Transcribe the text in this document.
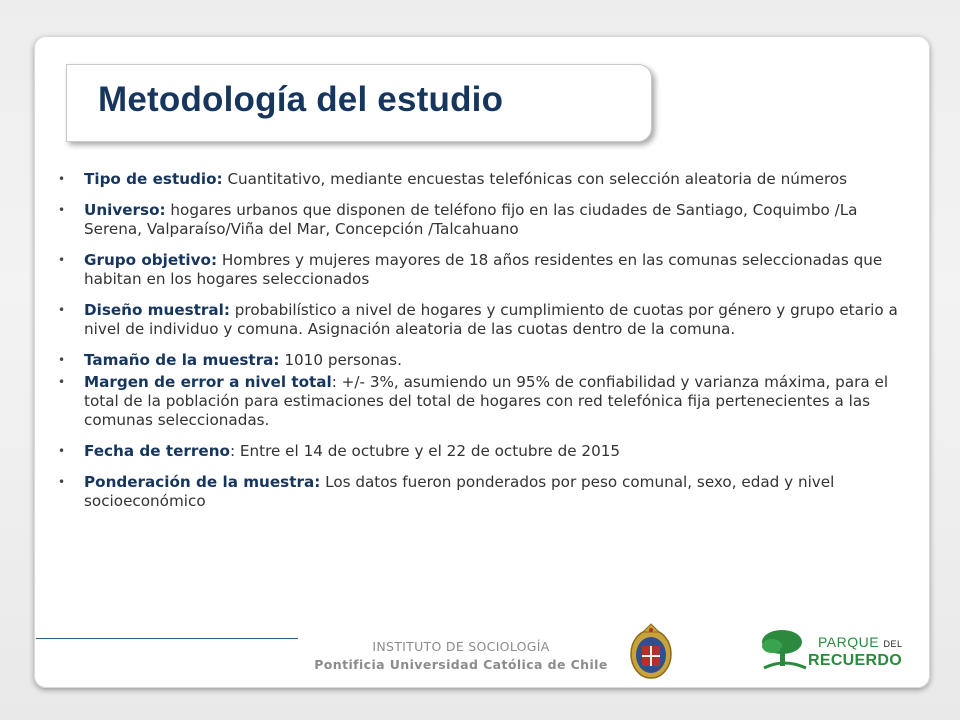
Metodología del estudio
• Tipo de estudio: Cuantitativo, mediante encuestas telefónicas con selección aleatoria de números
• Universo: hogares urbanos que disponen de teléfono fijo en las ciudades de Santiago, Coquimbo /La Serena, Valparaíso/Viña del Mar, Concepción /Talcahuano
• Grupo objetivo: Hombres y mujeres mayores de 18 años residentes en las comunas seleccionadas que habitan en los hogares seleccionados
• Diseño muestral: probabilístico a nivel de hogares y cumplimiento de cuotas por género y grupo etario a nivel de individuo y comuna. Asignación aleatoria de las cuotas dentro de la comuna.
• Tamaño de la muestra: 1010 personas.
• Margen de error a nivel total: +/- 3%, asumiendo un 95% de confiabilidad y varianza máxima, para el total de la población para estimaciones del total de hogares con red telefónica fija pertenecientes a las comunas seleccionadas.
• Fecha de terreno: Entre el 14 de octubre y el 22 de octubre de 2015
• Ponderación de la muestra: Los datos fueron ponderados por peso comunal, sexo, edad y nivel socioeconómico
INSTITUTO DE SOCIOLOGÍA
Pontificia Universidad Católica de Chile

PARQUE DEL

RECUERDO
